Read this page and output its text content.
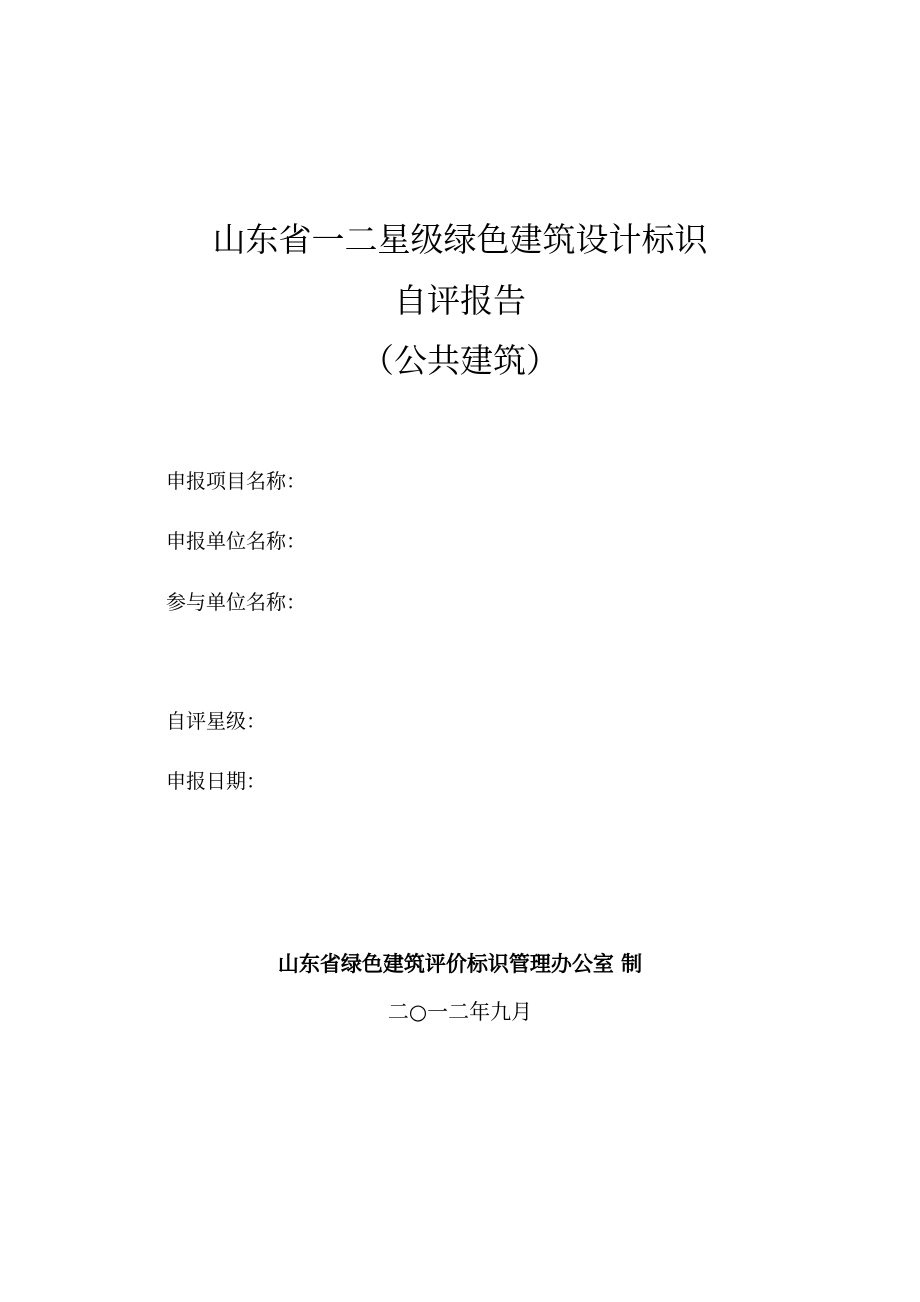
山东省一二星级绿色建筑设计标识
自评报告
（公共建筑）
申报项目名称：
申报单位名称：
参与单位名称：
自评星级：
申报日期：
山东省绿色建筑评价标识管理办公室 制
二○一二年九月
